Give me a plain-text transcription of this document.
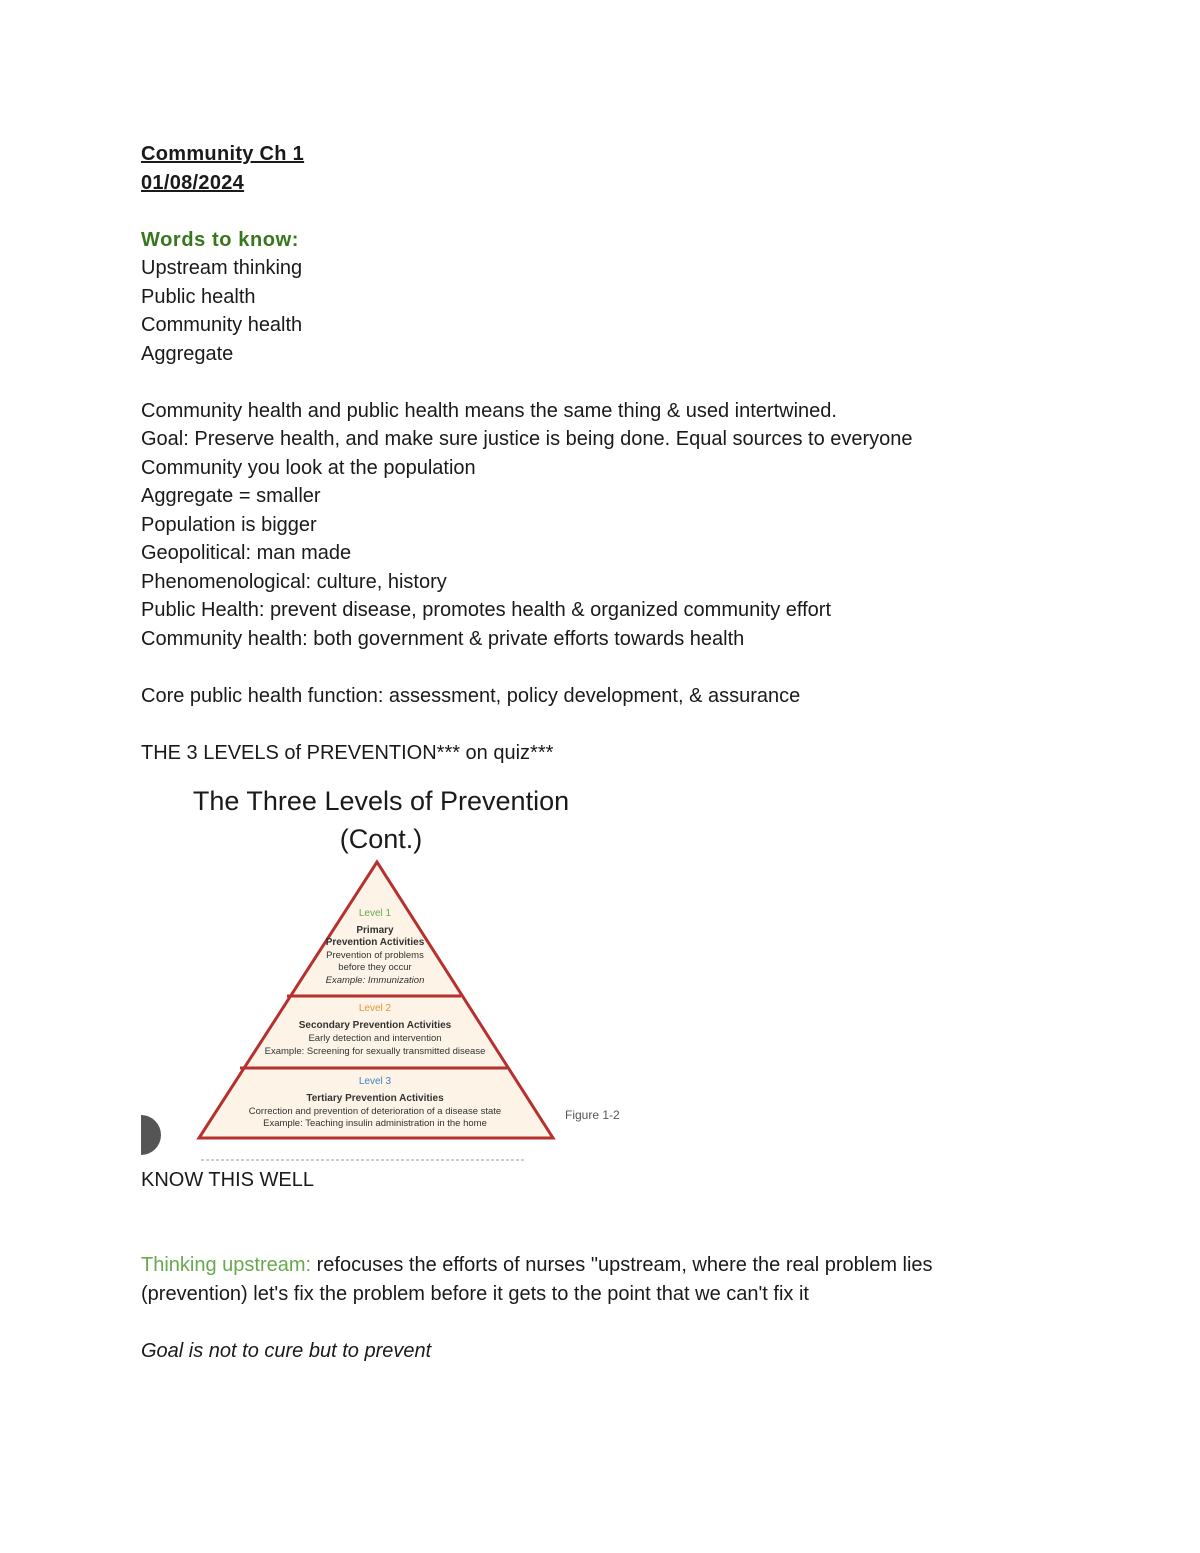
Community Ch 1
01/08/2024
Words to know:
Upstream thinking
Public health
Community health
Aggregate
Community health and public health means the same thing & used intertwined.
Goal: Preserve health, and make sure justice is being done. Equal sources to everyone
Community you look at the population
Aggregate = smaller
Population is bigger
Geopolitical: man made
Phenomenological: culture, history
Public Health: prevent disease, promotes health & organized community effort
Community health: both government & private efforts towards health
Core public health function: assessment, policy development, & assurance
THE 3 LEVELS of PREVENTION*** on quiz***
The Three Levels of Prevention
(Cont.)
Level 1
Primary
Prevention Activities
Prevention of problems
before they occur
Example: Immunization
Level 2
Secondary Prevention Activities
Early detection and intervention
Example: Screening for sexually transmitted disease
Level 3
Tertiary Prevention Activities
Correction and prevention of deterioration of a disease state
Example: Teaching insulin administration in the home
Figure 1-2
KNOW THIS WELL
Thinking upstream: refocuses the efforts of nurses "upstream, where the real problem lies
(prevention) let's fix the problem before it gets to the point that we can't fix it
Goal is not to cure but to prevent
